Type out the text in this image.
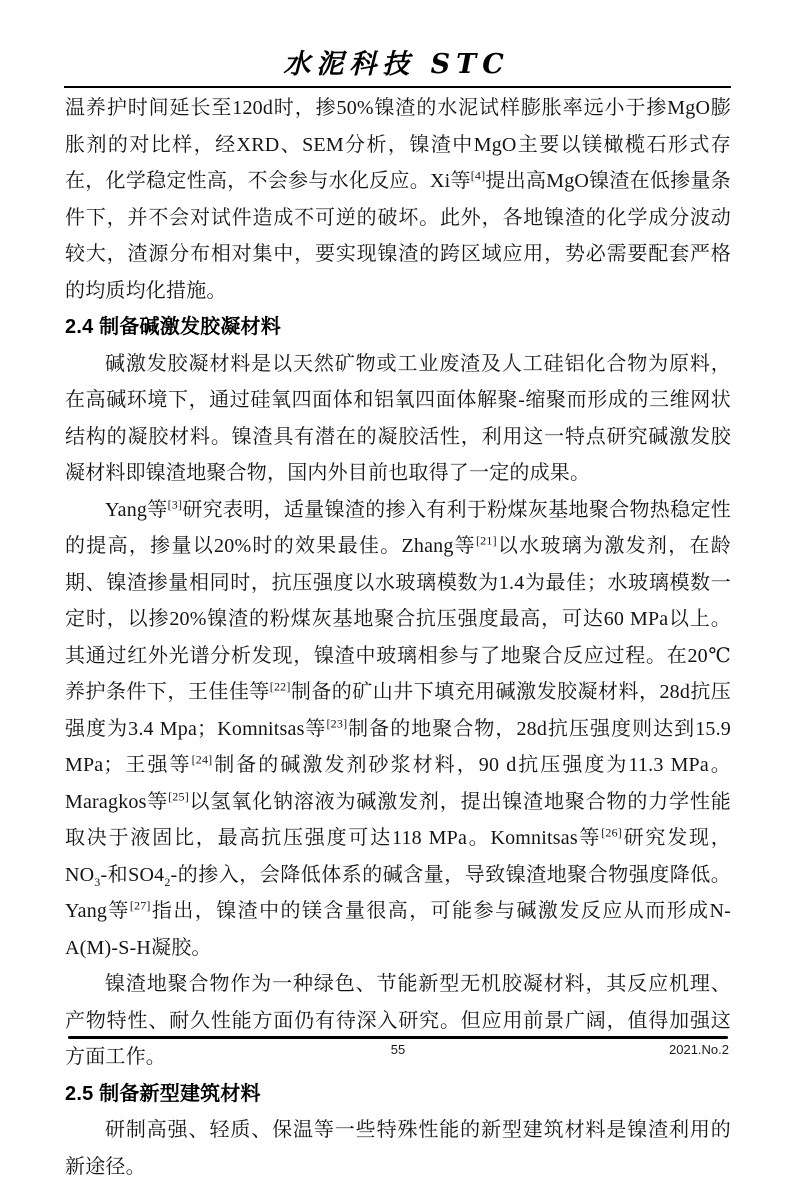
水泥科技 STC

温养护时间延长至120d时，掺50%镍渣的水泥试样膨胀率远小于掺MgO膨胀剂的对比样，经XRD、SEM分析，镍渣中MgO主要以镁橄榄石形式存在，化学稳定性高，不会参与水化反应。Xi等[4]提出高MgO镍渣在低掺量条件下，并不会对试件造成不可逆的破坏。此外，各地镍渣的化学成分波动较大，渣源分布相对集中，要实现镍渣的跨区域应用，势必需要配套严格的均质均化措施。

2.4 制备碱激发胶凝材料

碱激发胶凝材料是以天然矿物或工业废渣及人工硅铝化合物为原料，在高碱环境下，通过硅氧四面体和铝氧四面体解聚-缩聚而形成的三维网状结构的凝胶材料。镍渣具有潜在的凝胶活性，利用这一特点研究碱激发胶凝材料即镍渣地聚合物，国内外目前也取得了一定的成果。

Yang等[3]研究表明，适量镍渣的掺入有利于粉煤灰基地聚合物热稳定性的提高，掺量以20%时的效果最佳。Zhang等[21]以水玻璃为激发剂，在龄期、镍渣掺量相同时，抗压强度以水玻璃模数为1.4为最佳；水玻璃模数一定时，以掺20%镍渣的粉煤灰基地聚合抗压强度最高，可达60 MPa以上。其通过红外光谱分析发现，镍渣中玻璃相参与了地聚合反应过程。在20℃养护条件下，王佳佳等[22]制备的矿山井下填充用碱激发胶凝材料，28d抗压强度为3.4 Mpa；Komnitsas等[23]制备的地聚合物，28d抗压强度则达到15.9 MPa；王强等[24]制备的碱激发剂砂浆材料，90 d抗压强度为11.3 MPa。Maragkos等[25]以氢氧化钠溶液为碱激发剂，提出镍渣地聚合物的力学性能取决于液固比，最高抗压强度可达118 MPa。Komnitsas等[26]研究发现，$NO_3-$和$SO4_2-$的掺入，会降低体系的碱含量，导致镍渣地聚合物强度降低。Yang等[27]指出，镍渣中的镁含量很高，可能参与碱激发反应从而形成N-A(M)-S-H凝胶。

镍渣地聚合物作为一种绿色、节能新型无机胶凝材料，其反应机理、产物特性、耐久性能方面仍有待深入研究。但应用前景广阔，值得加强这方面工作。

2.5 制备新型建筑材料

研制高强、轻质、保温等一些特殊性能的新型建筑材料是镍渣利用的新途径。

55	2021.No.2
